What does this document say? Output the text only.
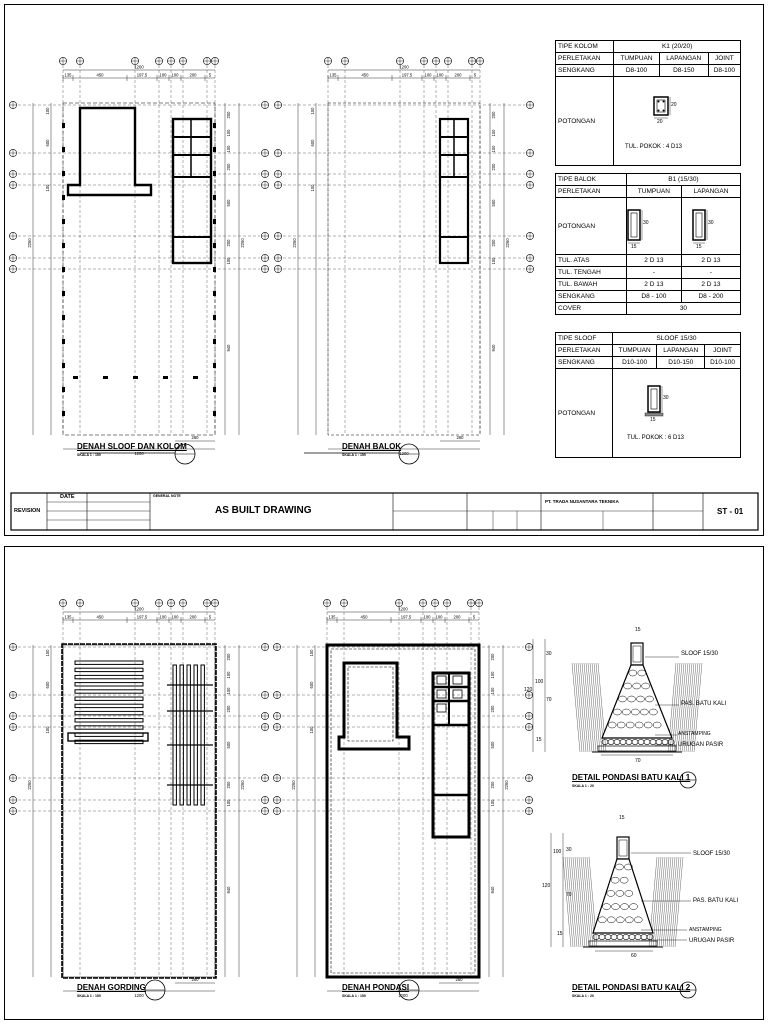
135	450	197.5	100 100	200	5
1200
100
600
100
2260
200
100
100
200
500
200
100
2260
940
1200
260
135	450	197.5	100 100	200	5
1200
100
600
100
2260
200
100
100
200
500
200
100
2260
940
1200
260
DENAH SLOOF DAN KOLOM
SKALA 1 : 150
DENAH BALOK
SKALA 1 : 150
TIPE KOLOM	K1 (20/20)		
PERLETAKAN	TUMPUAN	LAPANGAN	JOINT
SENGKANG	D8-100	D8-150	D8-100
POTONGAN			
20
20
TUL. POKOK : 4 D13
TIPE BALOK	B1 (15/30)	
PERLETAKAN	TUMPUAN	LAPANGAN
POTONGAN		
TUL. ATAS	2 D 13	2 D 13
TUL. TENGAH	-	-
TUL. BAWAH	2 D 13	2 D 13
SENGKANG	D8 - 100	D8 - 200
COVER	30	
30
15
30
15
TIPE SLOOF	SLOOF 15/30		
PERLETAKAN	TUMPUAN	LAPANGAN	JOINT
SENGKANG	D10-100	D10-150	D10-100
POTONGAN			
30
15
TUL. POKOK : 6 D13
REVISION
DATE	GENERAL NOTE
AS BUILT DRAWING
PT. TRADA NUSANTARA TEKNIKA
ST - 01
135	450	197.5	100 100	200	5
1200
100
600
100
2260
200
100
100
200
500
200
100
2260
940
1200
260
135	450	197.5	100 100	200	5
1200
100
600
100
2260
200
100
100
200
500
200
100
2260
940
1200
260
DENAH GORDING
SKALA 1 : 150
DENAH PONDASI
SKALA 1 : 150
DETAIL PONDASI BATU KALI 1
SKALA 1 : 20
DETAIL PONDASI BATU KALI 2
SKALA 1 : 20
SLOOF 15/30
PAS. BATU KALI
ANSTAMPING
URUGAN PASIR
15
30
70
15
120
100
70
SLOOF 15/30
PAS. BATU KALI
ANSTAMPING
URUGAN PASIR
15
30
70
15
120
100
60
